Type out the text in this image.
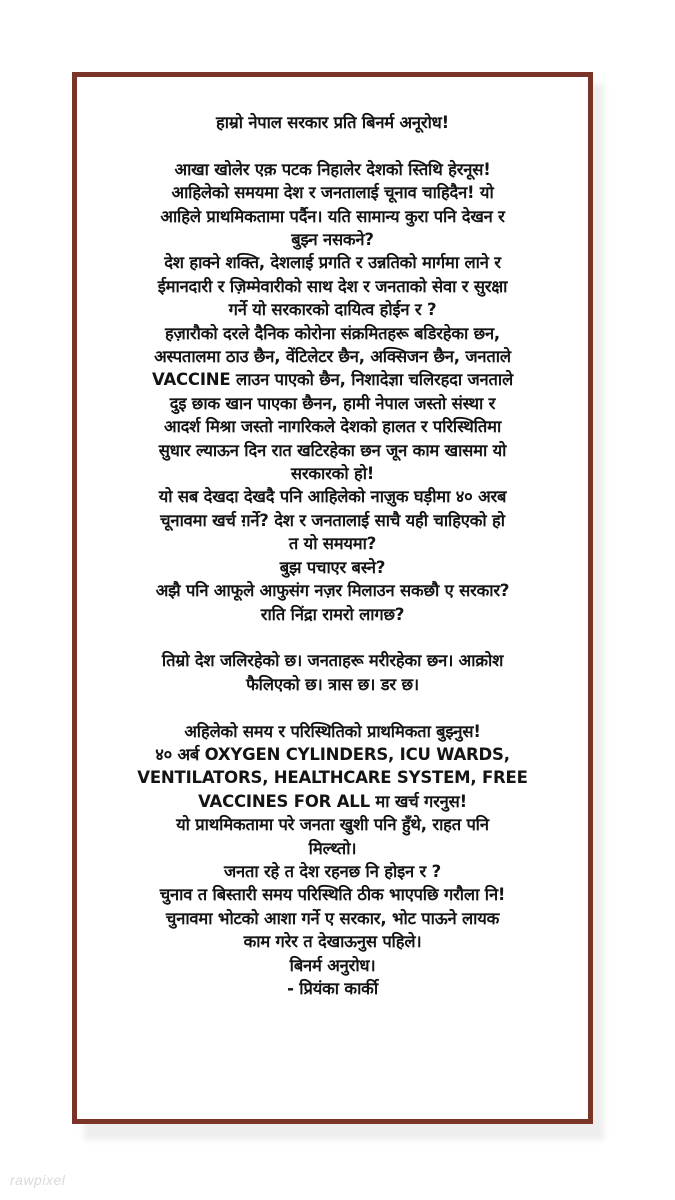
हाम्रो नेपाल सरकार प्रति बिनर्म अनूरोध!
आखा खोलेर एक़ पटक निहालेर देशको स्तिथि हेरनूस!
आहिलेको समयमा देश र जनतालाई चूनाव चाहिदैन! यो
आहिले प्राथमिकतामा पर्दैन। यति सामान्य कुरा पनि देखन र
बुझ्न नसकने?
देश हाक्ने शक्ति, देशलाई प्रगति र उन्नतिको मार्गमा लाने र
ईमानदारी र ज़िम्मेवारीको साथ देश र जनताको सेवा र सुरक्षा
गर्ने यो सरकारको दायित्व होईन र ?
हज़ारौको दरले दैनिक कोरोना संक्रमितहरू बडिरहेका छन,
अस्पतालमा ठाउ छैन, वेंटिलेटर छैन, अक्सिजन छैन, जनताले
VACCINE लाउन पाएको छैन, निशादेज्ञा चलिरहदा जनताले
दुइ छाक खान पाएका छैनन, हामी नेपाल जस्तो संस्था र
आदर्श मिश्रा जस्तो नागरिकले देशको हालत र परिस्थितिमा
सुधार ल्याऊन दिन रात खटिरहेका छन जून काम खासमा यो
सरकारको हो!
यो सब देखदा देखदै पनि आहिलेको नाज़ुक घड़ीमा ४० अरब
चूनावमा खर्च ग़र्ने? देश र जनतालाई साचै यही चाहिएको हो
त यो समयमा?
बुझ पचाएर बस्ने?
अझै पनि आफूले आफुसंग नज़र मिलाउन सकछौ ए सरकार?
राति निंद्रा रामरो लागछ?
तिम्रो देश जलिरहेको छ। जनताहरू मरीरहेका छन। आक्रोश
फैलिएको छ। त्रास छ। डर छ।
अहिलेको समय र परिस्थितिको प्राथमिकता बुझ्नुस!
४० अर्ब OXYGEN CYLINDERS, ICU WARDS,
VENTILATORS, HEALTHCARE SYSTEM, FREE
VACCINES FOR ALL मा खर्च गरनुस!
यो प्राथमिकतामा परे जनता खुशी पनि हुँथे, राहत पनि
मिल्थ्तो।
जनता रहे त देश रहनछ नि होइन र ?
चुनाव त बिस्तारी समय परिस्थिति ठीक भाएपछि गरौला नि!
चुनावमा भोटको आशा गर्ने ए सरकार, भोट पाऊने लायक
काम गरेर त देखाऊनुस पहिले।
बिनर्म अनुरोध।
- प्रियंका कार्की
rawpixel
